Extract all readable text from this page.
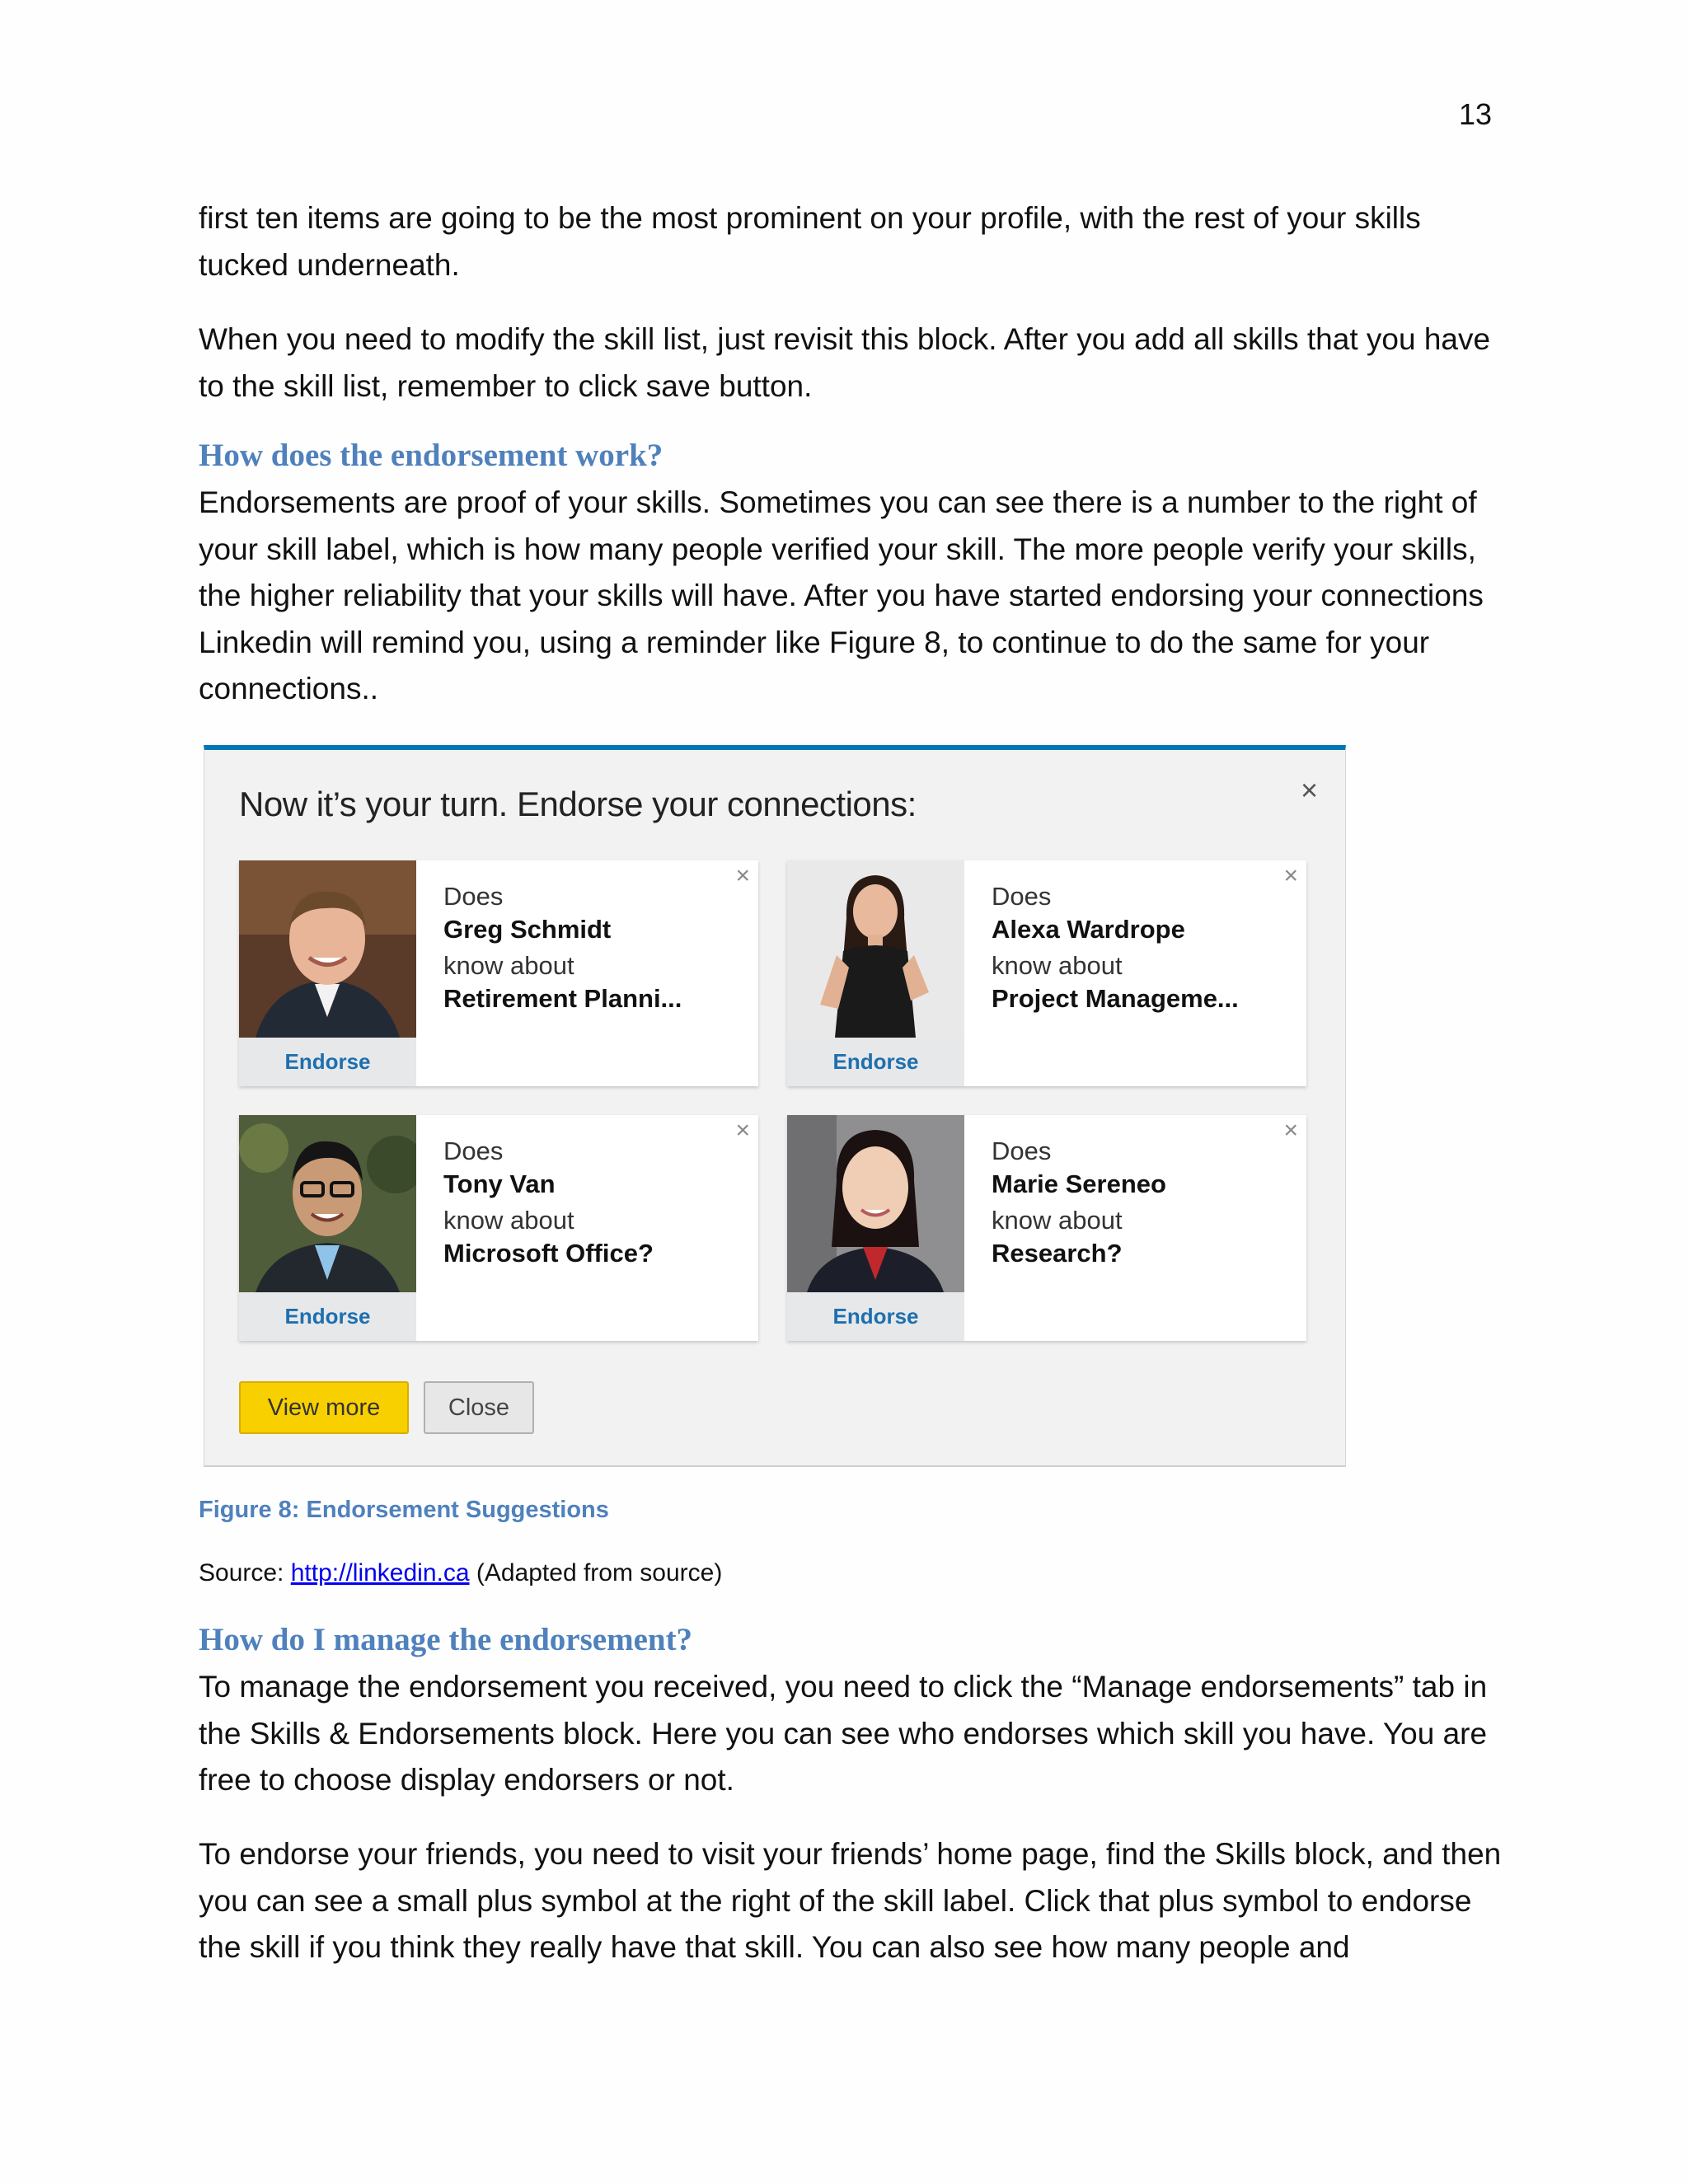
13

first ten items are going to be the most prominent on your profile, with the rest of your skills tucked underneath.

When you need to modify the skill list, just revisit this block. After you add all skills that you have to the skill list, remember to click save button.

How does the endorsement work?

Endorsements are proof of your skills. Sometimes you can see there is a number to the right of your skill label, which is how many people verified your skill. The more people verify your skills, the higher reliability that your skills will have. After you have started endorsing your connections Linkedin will remind you, using a reminder like Figure 8, to continue to do the same for your connections..

Now it’s your turn. Endorse your connections:	×
Endorse
Does
Greg Schmidt
know about
Retirement Planni...
×
Endorse
Does
Alexa Wardrope
know about
Project Manageme...
×
Endorse
Does
Tony Van
know about
Microsoft Office?
×
Endorse
Does
Marie Sereneo
know about
Research?
×
View more	Close
Figure 8: Endorsement Suggestions
Source: http://linkedin.ca (Adapted from source)
How do I manage the endorsement?

To manage the endorsement you received, you need to click the “Manage endorsements” tab in the Skills & Endorsements block. Here you can see who endorses which skill you have. You are free to choose display endorsers or not.

To endorse your friends, you need to visit your friends’ home page, find the Skills block, and then you can see a small plus symbol at the right of the skill label. Click that plus symbol to endorse the skill if you think they really have that skill. You can also see how many people and
